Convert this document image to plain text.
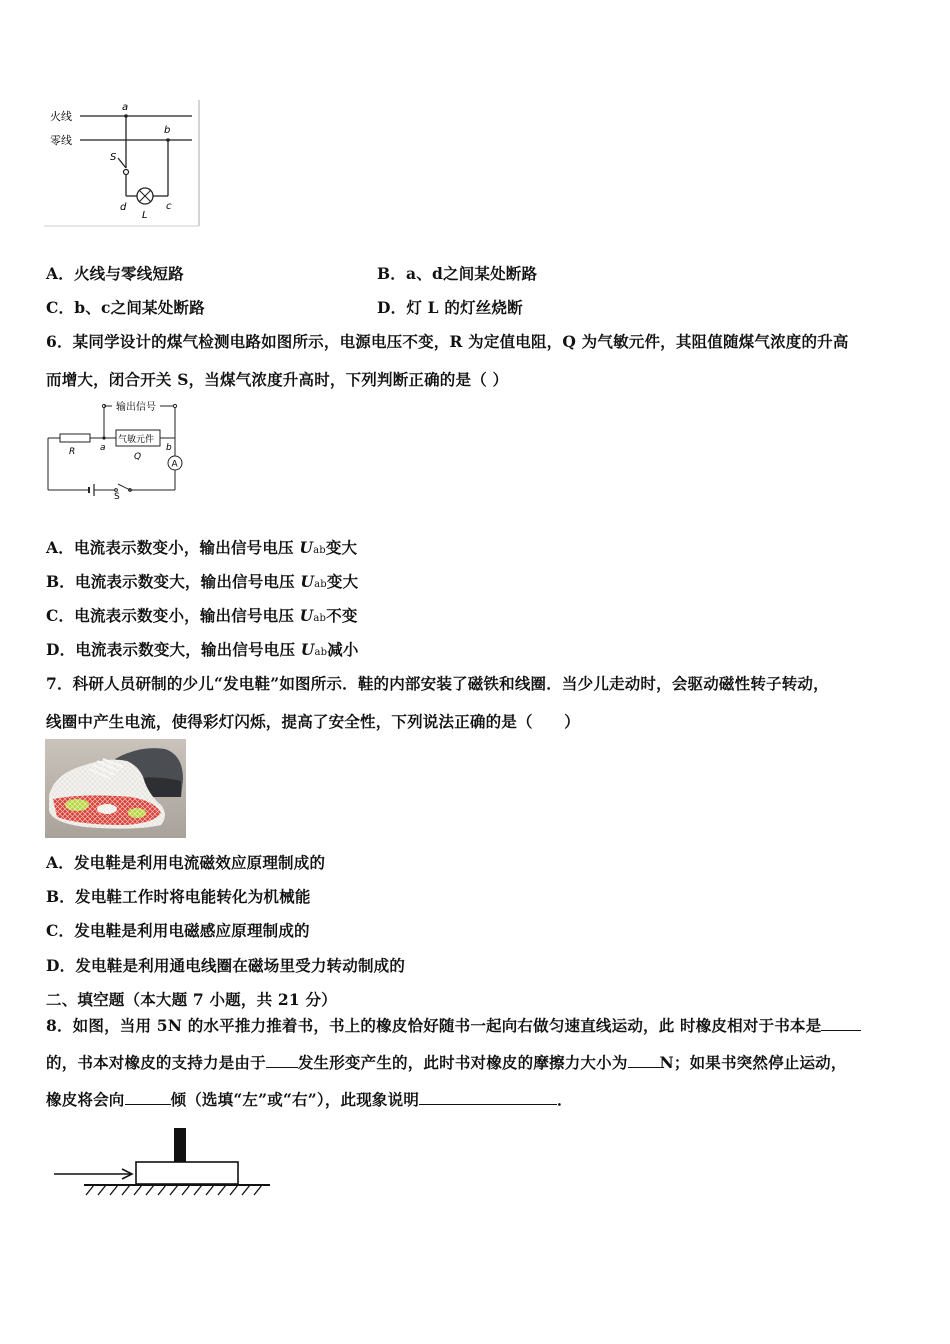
火线
零线
a
b
S
d
L
c
A．火线与零线短路	B．a、d之间某处断路
C．b、c之间某处断路	D．灯 L 的灯丝烧断
6．某同学设计的煤气检测电路如图所示，电源电压不变，R 为定值电阻，Q 为气敏元件，其阻值随煤气浓度的升高
而增大，闭合开关 S，当煤气浓度升高时，下列判断正确的是（ ）
输出信号
R	a
气敏元件
Q
b
A
S
A．电流表示数变小，输出信号电压 Uab变大
B．电流表示数变大，输出信号电压 Uab变大
C．电流表示数变小，输出信号电压 Uab不变
D．电流表示数变大，输出信号电压 Uab减小
7．科研人员研制的少儿“发电鞋”如图所示．鞋的内部安装了磁铁和线圈．当少儿走动时，会驱动磁性转子转动，
线圈中产生电流，使得彩灯闪烁，提高了安全性，下列说法正确的是（　　）
A．发电鞋是利用电流磁效应原理制成的
B．发电鞋工作时将电能转化为机械能
C．发电鞋是利用电磁感应原理制成的
D．发电鞋是利用通电线圈在磁场里受力转动制成的
二、填空题（本大题 7 小题，共 21 分）
8．如图，当用 5N 的水平推力推着书，书上的橡皮恰好随书一起向右做匀速直线运动，此 时橡皮相对于书本是
的，书本对橡皮的支持力是由于 发生形变产生的，此时书对橡皮的摩擦力大小为 N；如果书突然停止运动，
橡皮将会向	倾（选填“左”或“右”），此现象说明	．
